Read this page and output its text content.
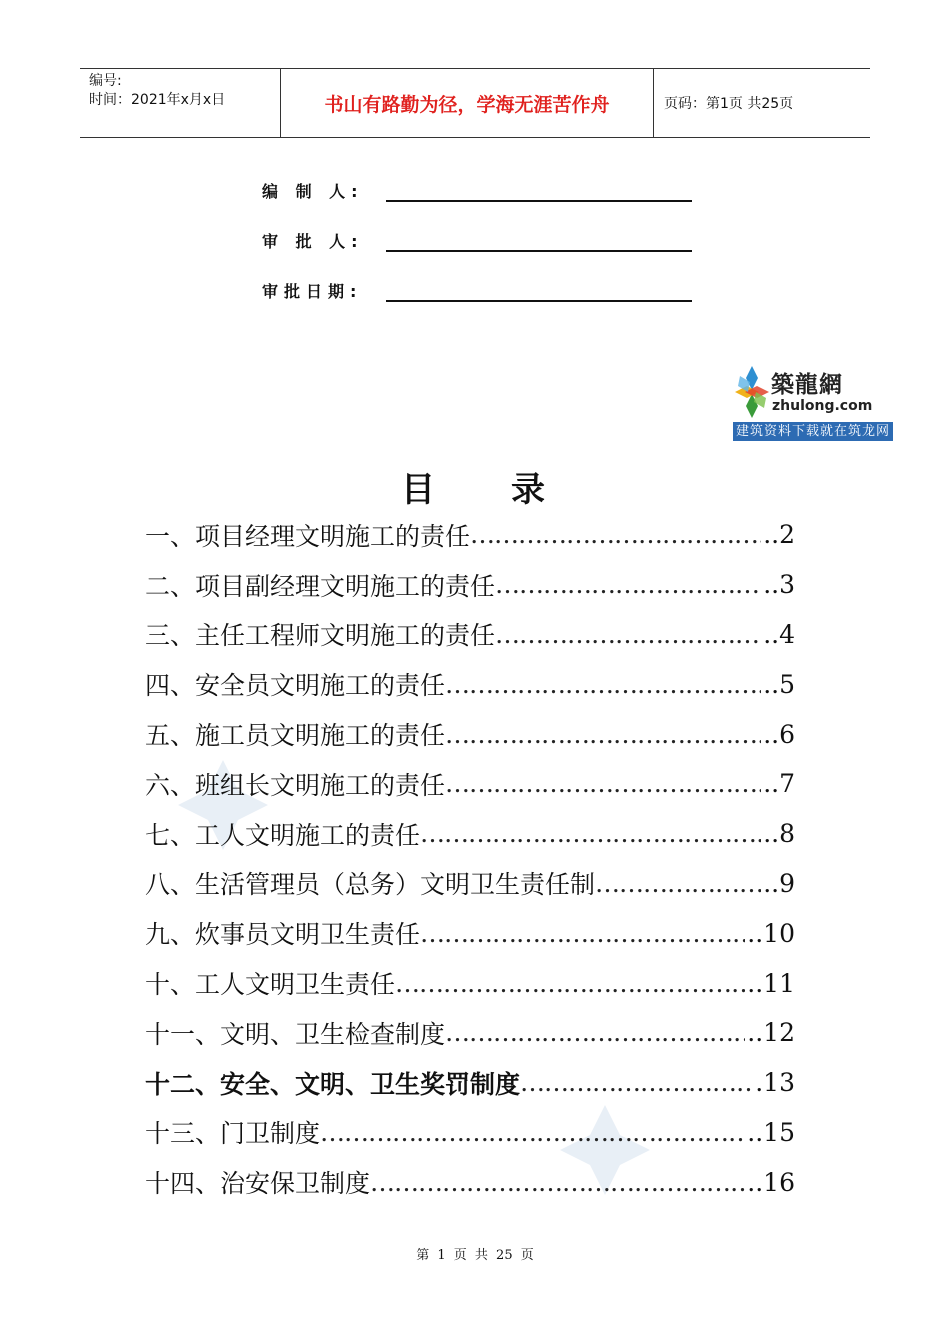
编号:
时间：2021年x月x日	书山有路勤为径，学海无涯苦作舟	页码：第1页 共25页
编 制 人:
审 批 人:
审批日期:
築龍網
zhulong.com
建筑资料下载就在筑龙网
目 录
一、项目经理文明施工的责任 ……………………………………………………………………………………………………………………	..2
二、项目副经理文明施工的责任 ……………………………………………………………………………………………………………………	..3
三、主任工程师文明施工的责任 ……………………………………………………………………………………………………………………	..4
四、安全员文明施工的责任 ……………………………………………………………………………………………………………………	..5
五、施工员文明施工的责任 ……………………………………………………………………………………………………………………	..6
六、班组长文明施工的责任 ……………………………………………………………………………………………………………………	..7
七、工人文明施工的责任 ……………………………………………………………………………………………………………………	..8
八、生活管理员（总务）文明卫生责任制 ……………………………………………………………………………………………………………………	..9
九、炊事员文明卫生责任 ……………………………………………………………………………………………………………………	..10
十、工人文明卫生责任 ……………………………………………………………………………………………………………………	..11
十一、文明、卫生检查制度 ……………………………………………………………………………………………………………………	..12
十二、安全、文明、卫生奖罚制度 ……………………………………………………………………………………………………………………	.13
十三、门卫制度 ……………………………………………………………………………………………………………………	..15
十四、治安保卫制度 ……………………………………………………………………………………………………………………	..16
第 1 页 共 25 页
